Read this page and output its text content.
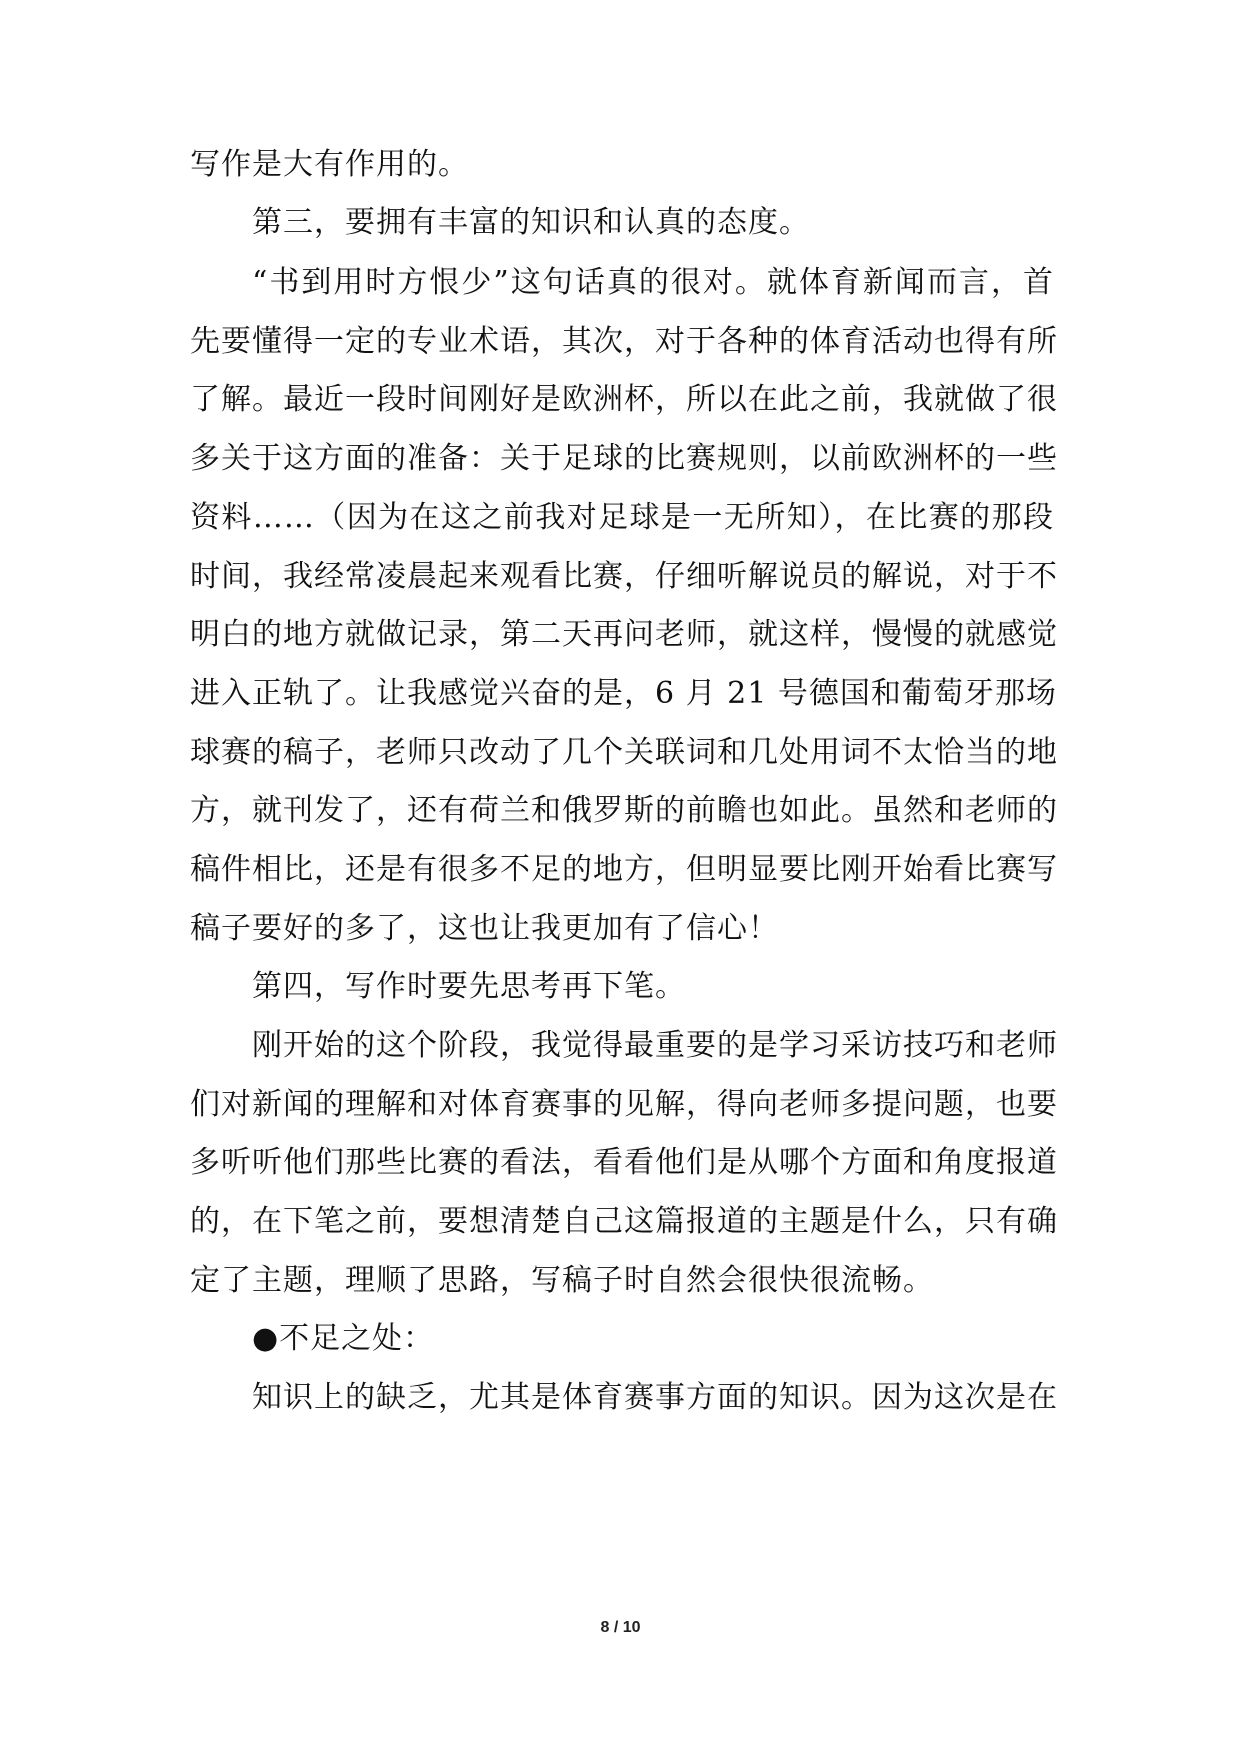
写作是大有作用的。
第三，要拥有丰富的知识和认真的态度。
“书到用时方恨少”这句话真的很对。就体育新闻而言，首
先要懂得一定的专业术语，其次，对于各种的体育活动也得有所
了解。最近一段时间刚好是欧洲杯，所以在此之前，我就做了很
多关于这方面的准备：关于足球的比赛规则，以前欧洲杯的一些
资料……（因为在这之前我对足球是一无所知），在比赛的那段
时间，我经常凌晨起来观看比赛，仔细听解说员的解说，对于不
明白的地方就做记录，第二天再问老师，就这样，慢慢的就感觉
进入正轨了。让我感觉兴奋的是，6 月 21 号德国和葡萄牙那场
球赛的稿子，老师只改动了几个关联词和几处用词不太恰当的地
方，就刊发了，还有荷兰和俄罗斯的前瞻也如此。虽然和老师的
稿件相比，还是有很多不足的地方，但明显要比刚开始看比赛写
稿子要好的多了，这也让我更加有了信心！
第四，写作时要先思考再下笔。
刚开始的这个阶段，我觉得最重要的是学习采访技巧和老师
们对新闻的理解和对体育赛事的见解，得向老师多提问题，也要
多听听他们那些比赛的看法，看看他们是从哪个方面和角度报道
的，在下笔之前，要想清楚自己这篇报道的主题是什么，只有确
定了主题，理顺了思路，写稿子时自然会很快很流畅。
●不足之处：
知识上的缺乏，尤其是体育赛事方面的知识。因为这次是在
8 / 10
